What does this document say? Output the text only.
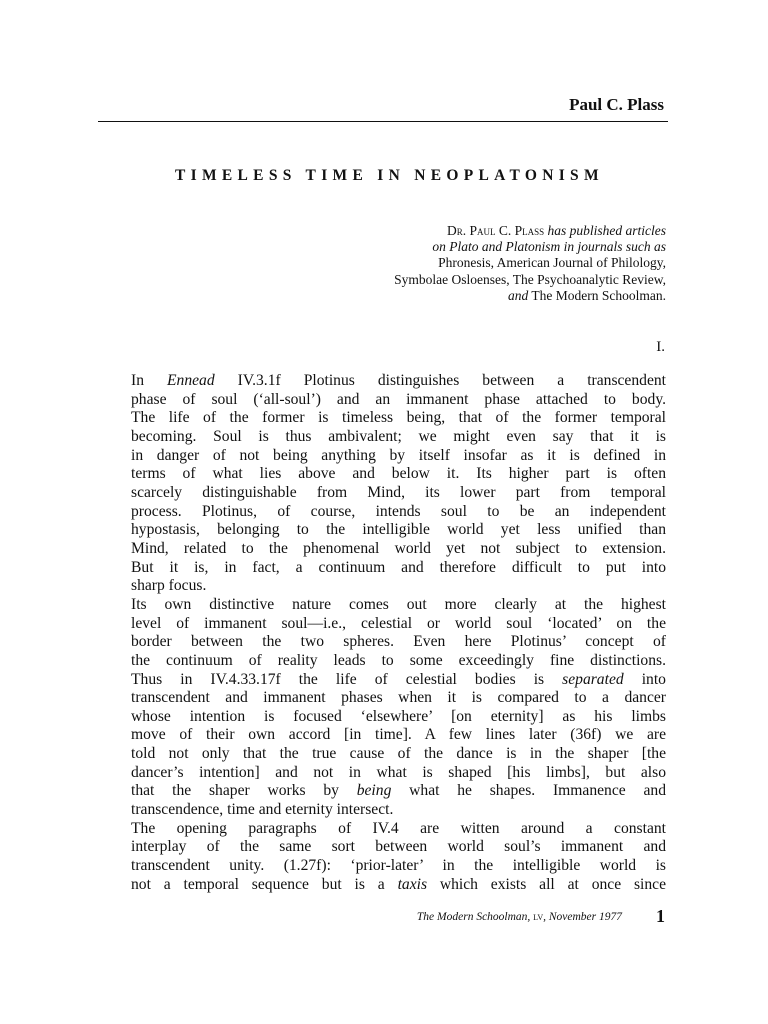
Paul C. Plass
TIMELESS TIME IN NEOPLATONISM
Dr. Paul C. Plass has published articles
on Plato and Platonism in journals such as
Phronesis, American Journal of Philology,
Symbolae Osloenses, The Psychoanalytic Review,
and The Modern Schoolman.
I.

In Ennead IV.3.1f Plotinus distinguishes between a transcendent
phase of soul (‘all-soul’) and an immanent phase attached to body.
The life of the former is timeless being, that of the former temporal
becoming. Soul is thus ambivalent; we might even say that it is
in danger of not being anything by itself insofar as it is defined in
terms of what lies above and below it. Its higher part is often
scarcely distinguishable from Mind, its lower part from temporal
process. Plotinus, of course, intends soul to be an independent
hypostasis, belonging to the intelligible world yet less unified than
Mind, related to the phenomenal world yet not subject to extension.
But it is, in fact, a continuum and therefore difficult to put into
sharp focus.

Its own distinctive nature comes out more clearly at the highest
level of immanent soul—i.e., celestial or world soul ‘located’ on the
border between the two spheres. Even here Plotinus’ concept of
the continuum of reality leads to some exceedingly fine distinctions.
Thus in IV.4.33.17f the life of celestial bodies is separated into
transcendent and immanent phases when it is compared to a dancer
whose intention is focused ‘elsewhere’ [on eternity] as his limbs
move of their own accord [in time]. A few lines later (36f) we are
told not only that the true cause of the dance is in the shaper [the
dancer’s intention] and not in what is shaped [his limbs], but also
that the shaper works by being what he shapes. Immanence and
transcendence, time and eternity intersect.

The opening paragraphs of IV.4 are witten around a constant
interplay of the same sort between world soul’s immanent and
transcendent unity. (1.27f): ‘prior-later’ in the intelligible world is
not a temporal sequence but is a taxis which exists all at once since

The Modern Schoolman, lv, November 1977 1
